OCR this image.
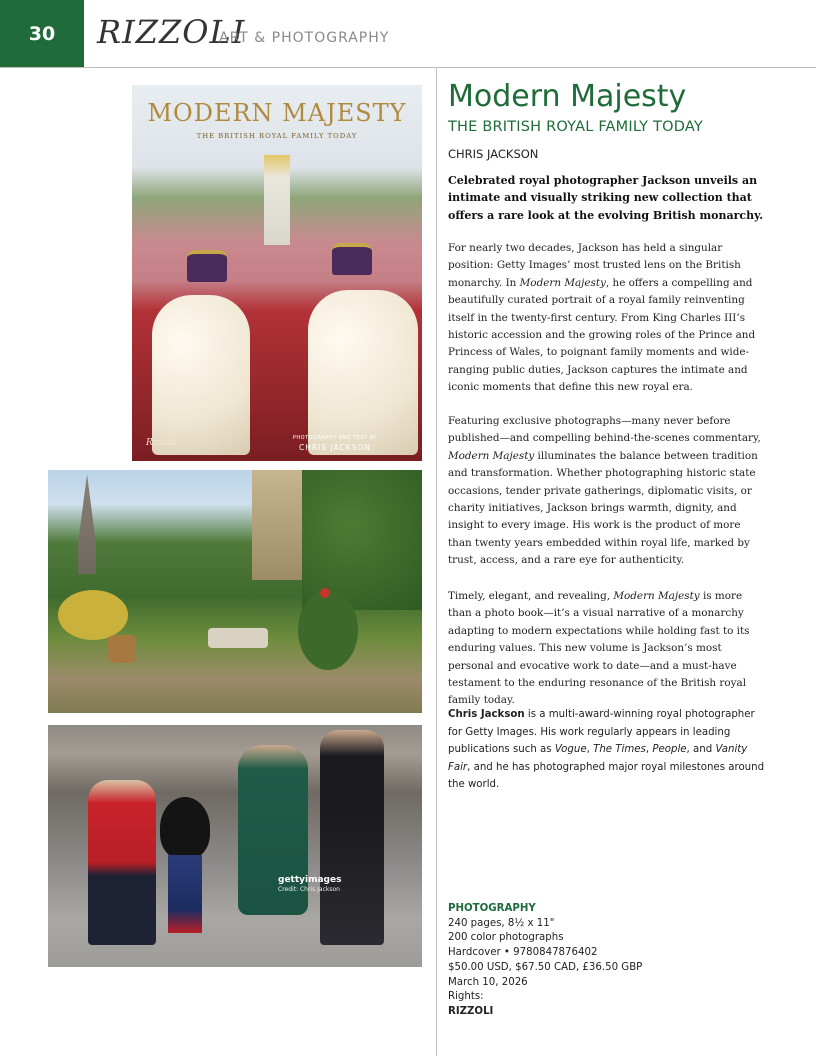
30	RIZZOLI
ART & PHOTOGRAPHY
MODERN MAJESTY
THE BRITISH ROYAL FAMILY TODAY
Rizzoli	PHOTOGRAPHY AND TEXT BY
CHRIS JACKSON
gettyimages
Credit: Chris Jackson
Modern Majesty
THE BRITISH ROYAL FAMILY TODAY
CHRIS JACKSON
Celebrated royal photographer Jackson unveils an intimate and visually striking new collection that offers a rare look at the evolving British monarchy.
For nearly two decades, Jackson has held a singular position: Getty Images’ most trusted lens on the British monarchy. In Modern Majesty, he offers a compelling and beautifully curated portrait of a royal family reinventing itself in the twenty-first century. From King Charles III’s historic accession and the growing roles of the Prince and Princess of Wales, to poignant family moments and wide-ranging public duties, Jackson captures the intimate and iconic moments that define this new royal era.
Featuring exclusive photographs—many never before published—and compelling behind-the-scenes commentary, Modern Majesty illuminates the balance between tradition and transformation. Whether photographing historic state occasions, tender private gatherings, diplomatic visits, or charity initiatives, Jackson brings warmth, dignity, and insight to every image. His work is the product of more than twenty years embedded within royal life, marked by trust, access, and a rare eye for authenticity.
Timely, elegant, and revealing, Modern Majesty is more than a photo book—it’s a visual narrative of a monarchy adapting to modern expectations while holding fast to its enduring values. This new volume is Jackson’s most personal and evocative work to date—and a must-have testament to the enduring resonance of the British royal family today.
Chris Jackson is a multi-award-winning royal photographer for Getty Images. His work regularly appears in leading publications such as Vogue, The Times, People, and Vanity Fair, and he has photographed major royal milestones around the world.
PHOTOGRAPHY
240 pages, 8½ x 11"
200 color photographs
Hardcover • 9780847876402
$50.00 USD, $67.50 CAD, £36.50 GBP
March 10, 2026
Rights:
RIZZOLI
